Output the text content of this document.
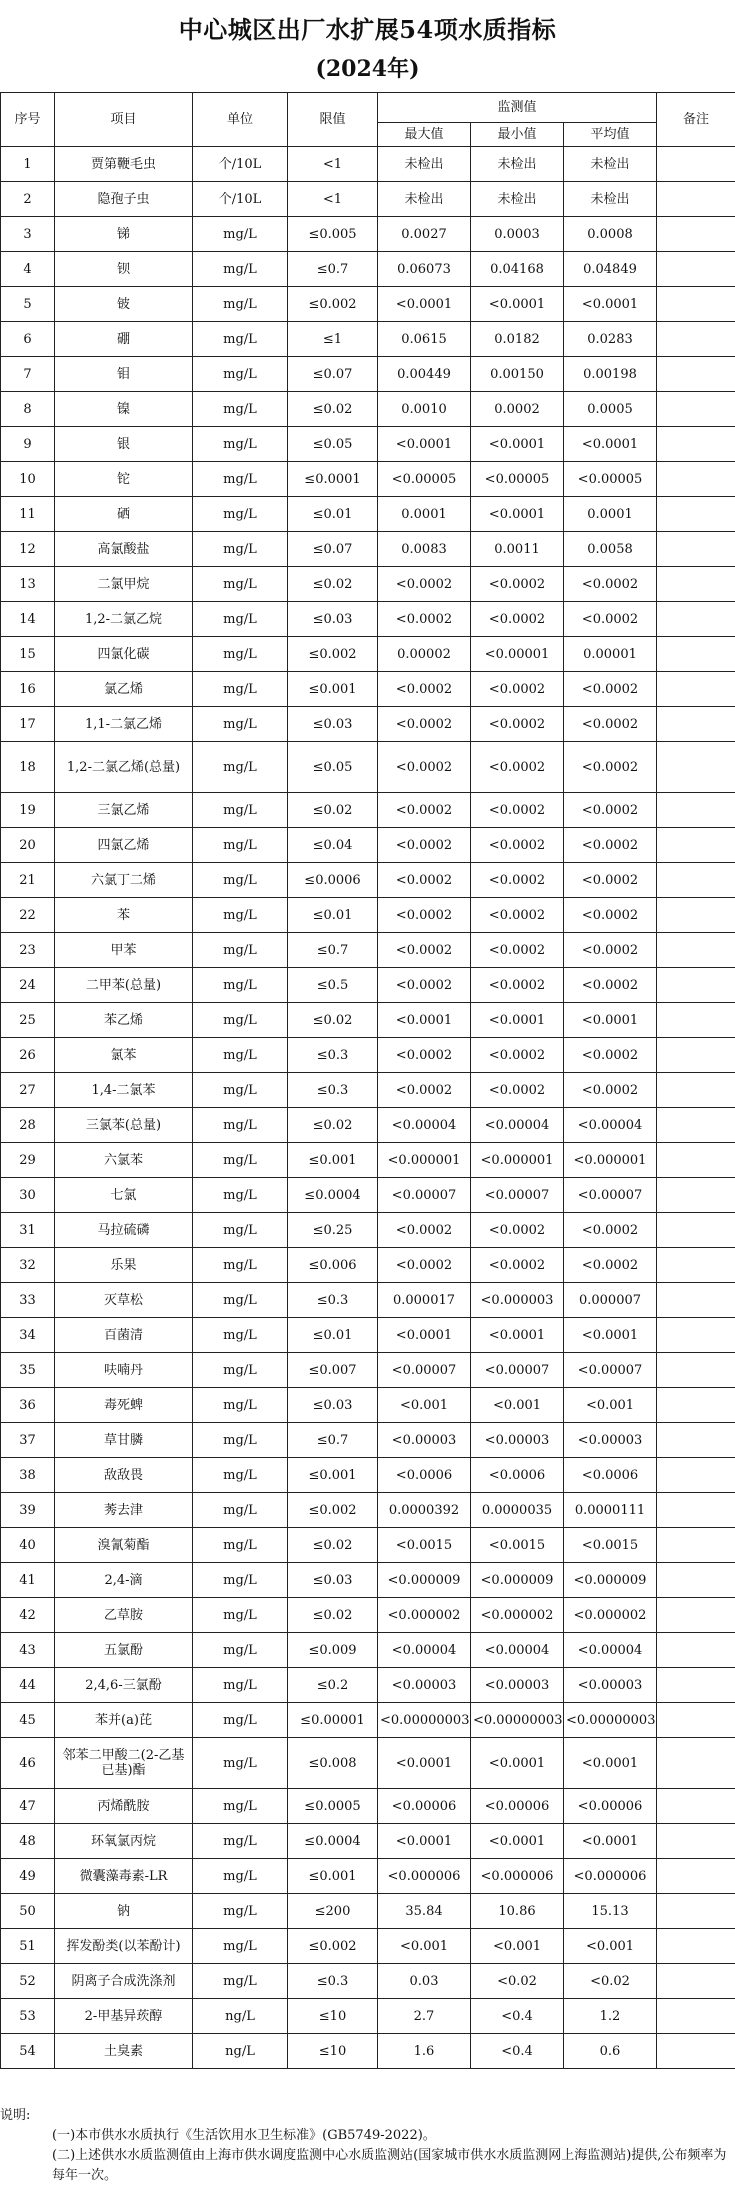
中心城区出厂水扩展54项水质指标
(2024年)
序号	项目	单位	限值	监测值			备注
				最大值	最小值	平均值	
1	贾第鞭毛虫	个/10L	<1	未检出	未检出	未检出	
2	隐孢子虫	个/10L	<1	未检出	未检出	未检出	
3	锑	mg/L	≤0.005	0.0027	0.0003	0.0008	
4	钡	mg/L	≤0.7	0.06073	0.04168	0.04849	
5	铍	mg/L	≤0.002	<0.0001	<0.0001	<0.0001	
6	硼	mg/L	≤1	0.0615	0.0182	0.0283	
7	钼	mg/L	≤0.07	0.00449	0.00150	0.00198	
8	镍	mg/L	≤0.02	0.0010	0.0002	0.0005	
9	银	mg/L	≤0.05	<0.0001	<0.0001	<0.0001	
10	铊	mg/L	≤0.0001	<0.00005	<0.00005	<0.00005	
11	硒	mg/L	≤0.01	0.0001	<0.0001	0.0001	
12	高氯酸盐	mg/L	≤0.07	0.0083	0.0011	0.0058	
13	二氯甲烷	mg/L	≤0.02	<0.0002	<0.0002	<0.0002	
14	1,2-二氯乙烷	mg/L	≤0.03	<0.0002	<0.0002	<0.0002	
15	四氯化碳	mg/L	≤0.002	0.00002	<0.00001	0.00001	
16	氯乙烯	mg/L	≤0.001	<0.0002	<0.0002	<0.0002	
17	1,1-二氯乙烯	mg/L	≤0.03	<0.0002	<0.0002	<0.0002	
18	1,2-二氯乙烯(总量)	mg/L	≤0.05	<0.0002	<0.0002	<0.0002	
19	三氯乙烯	mg/L	≤0.02	<0.0002	<0.0002	<0.0002	
20	四氯乙烯	mg/L	≤0.04	<0.0002	<0.0002	<0.0002	
21	六氯丁二烯	mg/L	≤0.0006	<0.0002	<0.0002	<0.0002	
22	苯	mg/L	≤0.01	<0.0002	<0.0002	<0.0002	
23	甲苯	mg/L	≤0.7	<0.0002	<0.0002	<0.0002	
24	二甲苯(总量)	mg/L	≤0.5	<0.0002	<0.0002	<0.0002	
25	苯乙烯	mg/L	≤0.02	<0.0001	<0.0001	<0.0001	
26	氯苯	mg/L	≤0.3	<0.0002	<0.0002	<0.0002	
27	1,4-二氯苯	mg/L	≤0.3	<0.0002	<0.0002	<0.0002	
28	三氯苯(总量)	mg/L	≤0.02	<0.00004	<0.00004	<0.00004	
29	六氯苯	mg/L	≤0.001	<0.000001	<0.000001	<0.000001	
30	七氯	mg/L	≤0.0004	<0.00007	<0.00007	<0.00007	
31	马拉硫磷	mg/L	≤0.25	<0.0002	<0.0002	<0.0002	
32	乐果	mg/L	≤0.006	<0.0002	<0.0002	<0.0002	
33	灭草松	mg/L	≤0.3	0.000017	<0.000003	0.000007	
34	百菌清	mg/L	≤0.01	<0.0001	<0.0001	<0.0001	
35	呋喃丹	mg/L	≤0.007	<0.00007	<0.00007	<0.00007	
36	毒死蜱	mg/L	≤0.03	<0.001	<0.001	<0.001	
37	草甘膦	mg/L	≤0.7	<0.00003	<0.00003	<0.00003	
38	敌敌畏	mg/L	≤0.001	<0.0006	<0.0006	<0.0006	
39	莠去津	mg/L	≤0.002	0.0000392	0.0000035	0.0000111	
40	溴氰菊酯	mg/L	≤0.02	<0.0015	<0.0015	<0.0015	
41	2,4-滴	mg/L	≤0.03	<0.000009	<0.000009	<0.000009	
42	乙草胺	mg/L	≤0.02	<0.000002	<0.000002	<0.000002	
43	五氯酚	mg/L	≤0.009	<0.00004	<0.00004	<0.00004	
44	2,4,6-三氯酚	mg/L	≤0.2	<0.00003	<0.00003	<0.00003	
45	苯并(a)芘	mg/L	≤0.00001	<0.00000003	<0.00000003	<0.00000003	
46	邻苯二甲酸二(2-乙基已基)酯	mg/L	≤0.008	<0.0001	<0.0001	<0.0001	
47	丙烯酰胺	mg/L	≤0.0005	<0.00006	<0.00006	<0.00006	
48	环氧氯丙烷	mg/L	≤0.0004	<0.0001	<0.0001	<0.0001	
49	微囊藻毒素-LR	mg/L	≤0.001	<0.000006	<0.000006	<0.000006	
50	钠	mg/L	≤200	35.84	10.86	15.13	
51	挥发酚类(以苯酚计)	mg/L	≤0.002	<0.001	<0.001	<0.001	
52	阴离子合成洗涤剂	mg/L	≤0.3	0.03	<0.02	<0.02	
53	2-甲基异莰醇	ng/L	≤10	2.7	<0.4	1.2	
54	土臭素	ng/L	≤10	1.6	<0.4	0.6	

说明:

(一)本市供水水质执行《生活饮用水卫生标准》(GB5749-2022)。

(二)上述供水水质监测值由上海市供水调度监测中心水质监测站(国家城市供水水质监测网上海监测站)提供,公布频率为每年一次。
